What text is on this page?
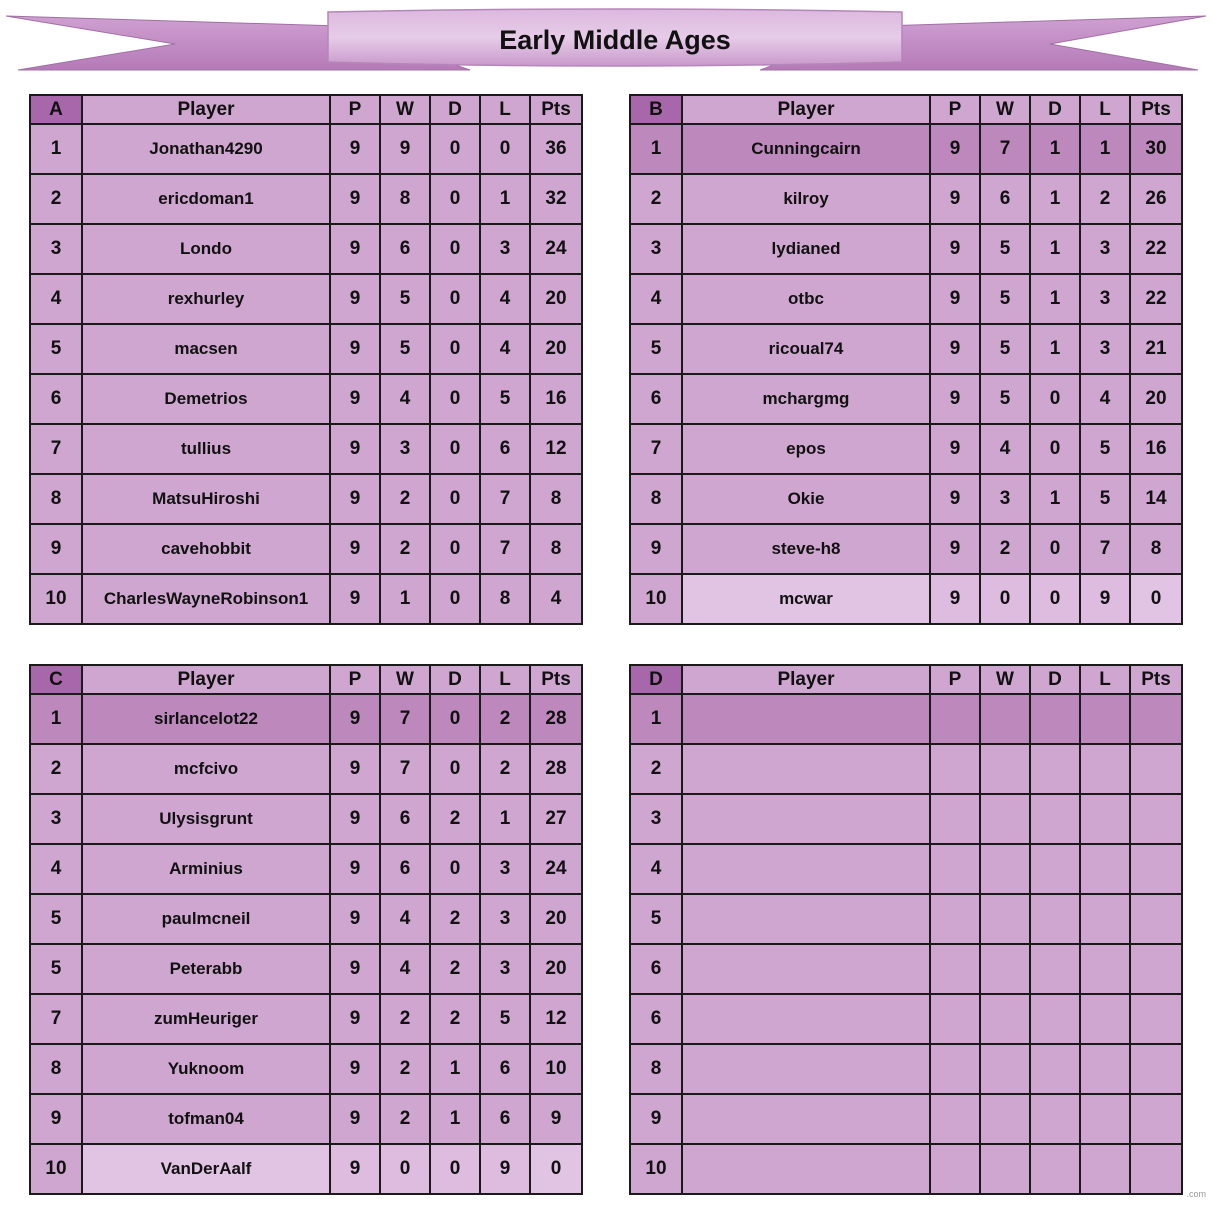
Early Middle Ages
A	Player	P	W	D	L	Pts
1	Jonathan4290	9	9	0	0	36
2	ericdoman1	9	8	0	1	32
3	Londo	9	6	0	3	24
4	rexhurley	9	5	0	4	20
5	macsen	9	5	0	4	20
6	Demetrios	9	4	0	5	16
7	tullius	9	3	0	6	12
8	MatsuHiroshi	9	2	0	7	8
9	cavehobbit	9	2	0	7	8
10	CharlesWayneRobinson1	9	1	0	8	4
B	Player	P	W	D	L	Pts
1	Cunningcairn	9	7	1	1	30
2	kilroy	9	6	1	2	26
3	lydianed	9	5	1	3	22
4	otbc	9	5	1	3	22
5	ricoual74	9	5	1	3	21
6	mchargmg	9	5	0	4	20
7	epos	9	4	0	5	16
8	Okie	9	3	1	5	14
9	steve-h8	9	2	0	7	8
10	mcwar	9	0	0	9	0
C	Player	P	W	D	L	Pts
1	sirlancelot22	9	7	0	2	28
2	mcfcivo	9	7	0	2	28
3	Ulysisgrunt	9	6	2	1	27
4	Arminius	9	6	0	3	24
5	paulmcneil	9	4	2	3	20
5	Peterabb	9	4	2	3	20
7	zumHeuriger	9	2	2	5	12
8	Yuknoom	9	2	1	6	10
9	tofman04	9	2	1	6	9
10	VanDerAalf	9	0	0	9	0
D	Player	P	W	D	L	Pts
1						
2						
3						
4						
5						
6						
6						
8						
9						
10						
.com
